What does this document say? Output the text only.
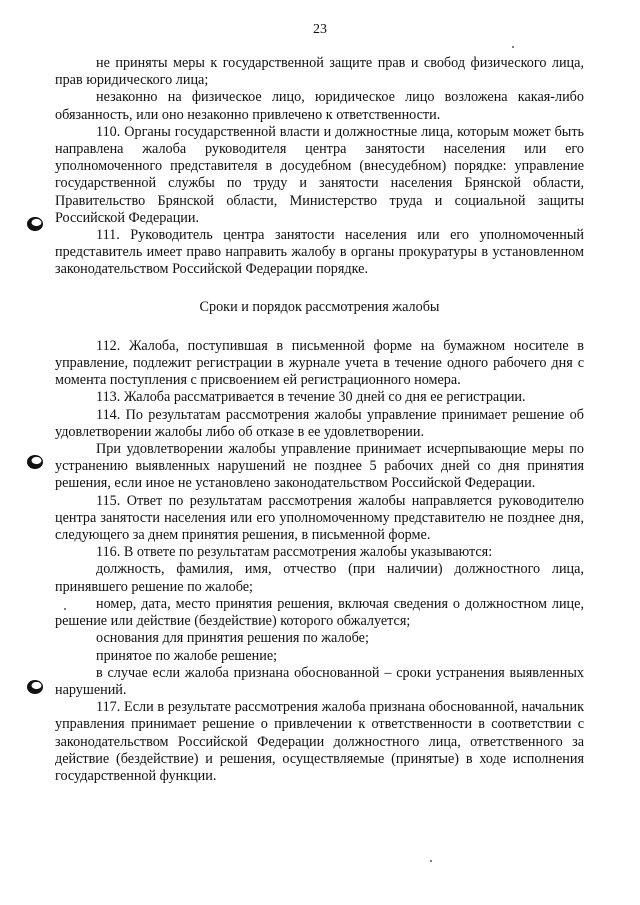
23

не приняты меры к государственной защите прав и свобод физического лица, прав юридического лица;

незаконно на физическое лицо, юридическое лицо возложена какая-либо обязанность, или оно незаконно привлечено к ответственности.

110. Органы государственной власти и должностные лица, которым может быть направлена жалоба руководителя центра занятости населения или его уполномоченного представителя в досудебном (внесудебном) порядке: управление государственной службы по труду и занятости населения Брянской области, Правительство Брянской области, Министерство труда и социальной защиты Российской Федерации.

111. Руководитель центра занятости населения или его уполномоченный представитель имеет право направить жалобу в органы прокуратуры в установленном законодательством Российской Федерации порядке.

Сроки и порядок рассмотрения жалобы

112. Жалоба, поступившая в письменной форме на бумажном носителе в управление, подлежит регистрации в журнале учета в течение одного рабочего дня с момента поступления с присвоением ей регистрационного номера.

113. Жалоба рассматривается в течение 30 дней со дня ее регистрации.

114. По результатам рассмотрения жалобы управление принимает решение об удовлетворении жалобы либо об отказе в ее удовлетворении.

При удовлетворении жалобы управление принимает исчерпывающие меры по устранению выявленных нарушений не позднее 5 рабочих дней со дня принятия решения, если иное не установлено законодательством Российской Федерации.

115. Ответ по результатам рассмотрения жалобы направляется руководителю центра занятости населения или его уполномоченному представителю не позднее дня, следующего за днем принятия решения, в письменной форме.

116. В ответе по результатам рассмотрения жалобы указываются:

должность, фамилия, имя, отчество (при наличии) должностного лица, принявшего решение по жалобе;

номер, дата, место принятия решения, включая сведения о должностном лице, решение или действие (бездействие) которого обжалуется;

основания для принятия решения по жалобе;

принятое по жалобе решение;

в случае если жалоба признана обоснованной – сроки устранения выявленных нарушений.

117. Если в результате рассмотрения жалоба признана обоснованной, начальник управления принимает решение о привлечении к ответственности в соответствии с законодательством Российской Федерации должностного лица, ответственного за действие (бездействие) и решения, осуществляемые (принятые) в ходе исполнения государственной функции.
